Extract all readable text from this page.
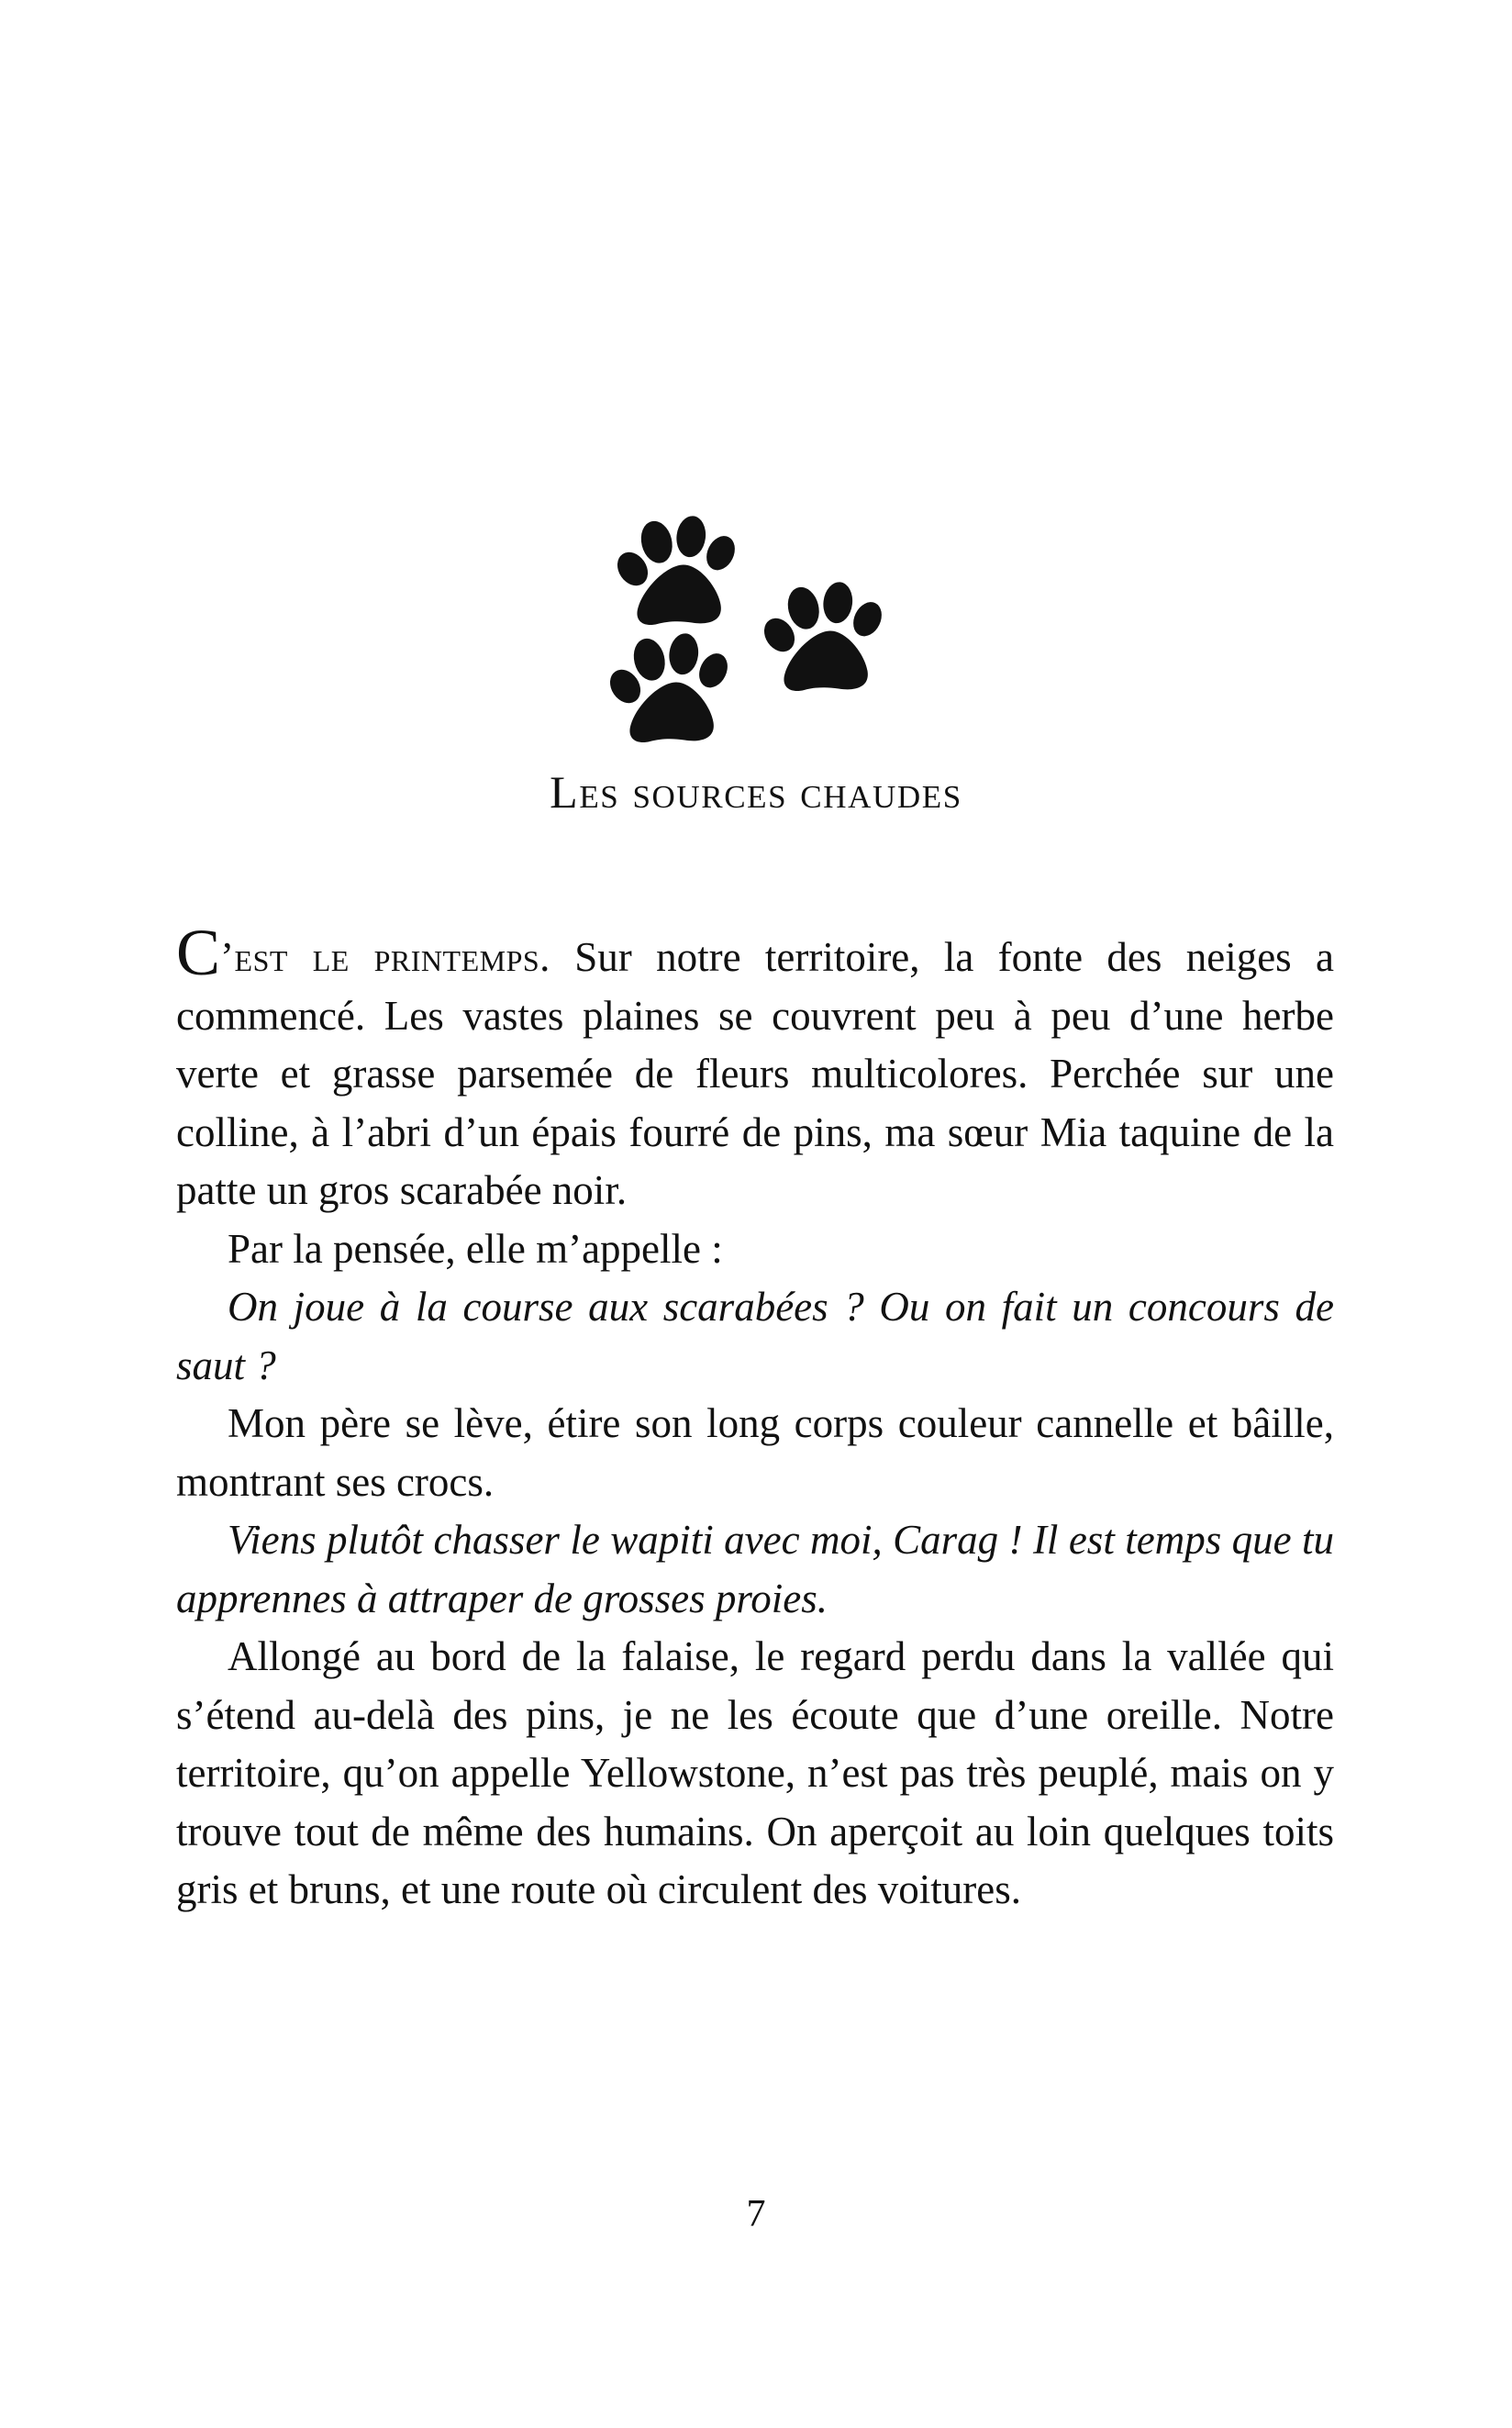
Les sources chaudes

C’est le printemps. Sur notre territoire, la fonte des neiges a commencé. Les vastes plaines se couvrent peu à peu d’une herbe verte et grasse parsemée de fleurs multicolores. Perchée sur une colline, à l’abri d’un épais fourré de pins, ma sœur Mia taquine de la patte un gros scarabée noir.

Par la pensée, elle m’appelle :

On joue à la course aux scarabées ? Ou on fait un concours de saut ?

Mon père se lève, étire son long corps couleur cannelle et bâille, montrant ses crocs.

Viens plutôt chasser le wapiti avec moi, Carag ! Il est temps que tu apprennes à attraper de grosses proies.

Allongé au bord de la falaise, le regard perdu dans la vallée qui s’étend au-delà des pins, je ne les écoute que d’une oreille. Notre territoire, qu’on appelle Yellowstone, n’est pas très peuplé, mais on y trouve tout de même des humains. On aperçoit au loin quelques toits gris et bruns, et une route où circulent des voitures.

7
